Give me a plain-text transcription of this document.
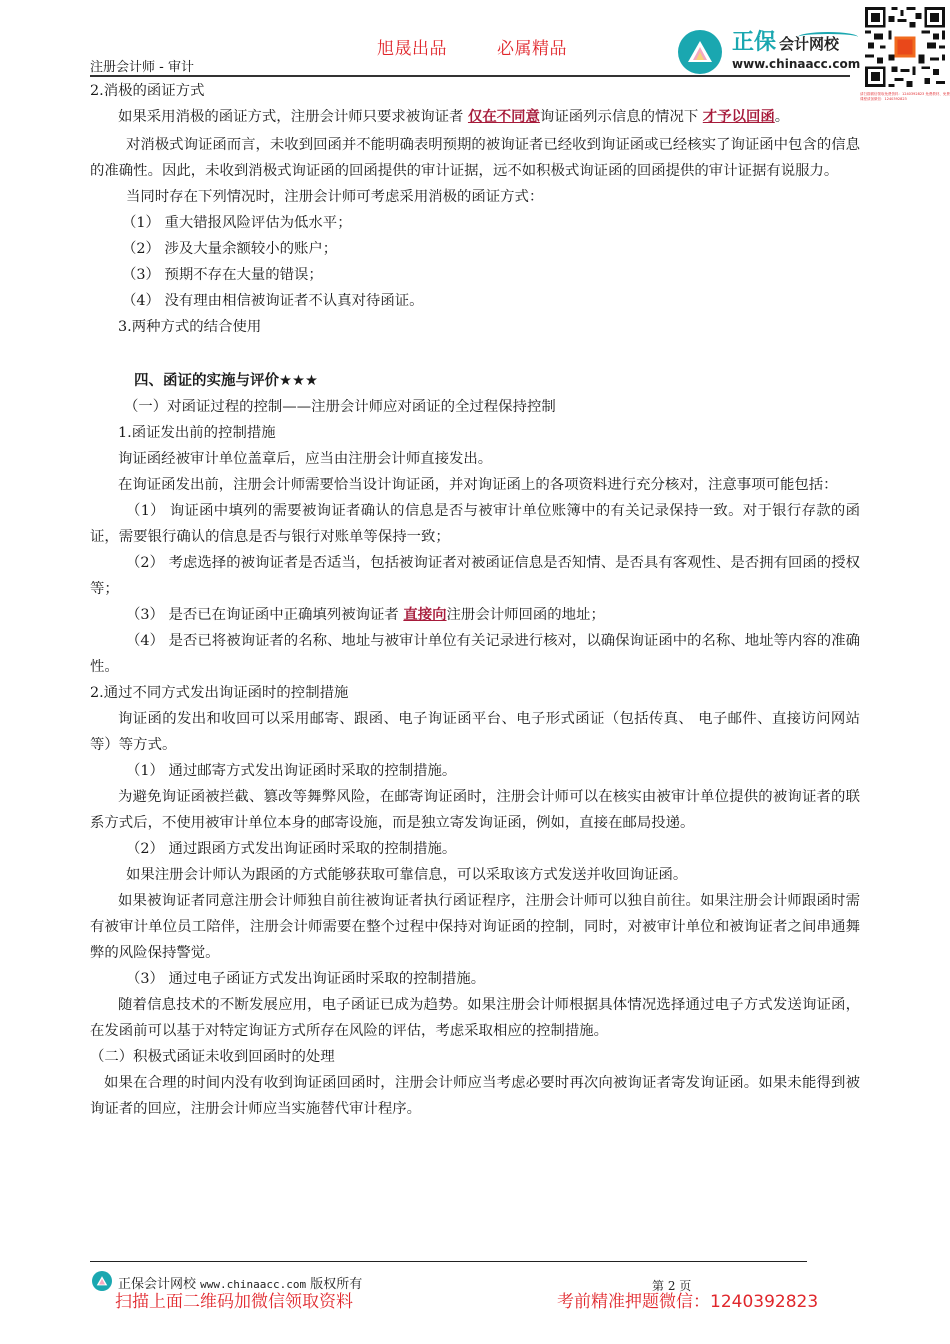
旭晟出品	必属精品
注册会计师 - 审计
正保 会计网校
www.chinaacc.com
请扫描微信领取免费资料：1240392823 免费教材、免费课程请加微信：1240392823

2.消极的函证方式

如果采用消极的函证方式，注册会计师只要求被询证者 仅在不同意询证函列示信息的情况下 才予以回函。

对消极式询证函而言，未收到回函并不能明确表明预期的被询证者已经收到询证函或已经核实了询证函中包含的信息的准确性。因此，未收到消极式询证函的回函提供的审计证据，远不如积极式询证函的回函提供的审计证据有说服力。

当同时存在下列情况时，注册会计师可考虑采用消极的函证方式：

（1） 重大错报风险评估为低水平；

（2） 涉及大量余额较小的账户；

（3） 预期不存在大量的错误；

（4） 没有理由相信被询证者不认真对待函证。

3.两种方式的结合使用

四、函证的实施与评价★★★

（一）对函证过程的控制——注册会计师应对函证的全过程保持控制

1.函证发出前的控制措施

询证函经被审计单位盖章后，应当由注册会计师直接发出。

在询证函发出前，注册会计师需要恰当设计询证函，并对询证函上的各项资料进行充分核对，注意事项可能包括：

（1） 询证函中填列的需要被询证者确认的信息是否与被审计单位账簿中的有关记录保持一致。对于银行存款的函证，需要银行确认的信息是否与银行对账单等保持一致；

（2） 考虑选择的被询证者是否适当，包括被询证者对被函证信息是否知情、是否具有客观性、是否拥有回函的授权等；

（3） 是否已在询证函中正确填列被询证者 直接向注册会计师回函的地址；

（4） 是否已将被询证者的名称、地址与被审计单位有关记录进行核对，以确保询证函中的名称、地址等内容的准确性。

2.通过不同方式发出询证函时的控制措施

询证函的发出和收回可以采用邮寄、跟函、电子询证函平台、电子形式函证（包括传真、 电子邮件、直接访问网站等）等方式。

（1） 通过邮寄方式发出询证函时采取的控制措施。

为避免询证函被拦截、篡改等舞弊风险，在邮寄询证函时，注册会计师可以在核实由被审计单位提供的被询证者的联系方式后，不使用被审计单位本身的邮寄设施，而是独立寄发询证函，例如，直接在邮局投递。

（2） 通过跟函方式发出询证函时采取的控制措施。

如果注册会计师认为跟函的方式能够获取可靠信息，可以采取该方式发送并收回询证函。

如果被询证者同意注册会计师独自前往被询证者执行函证程序，注册会计师可以独自前往。如果注册会计师跟函时需有被审计单位员工陪伴，注册会计师需要在整个过程中保持对询证函的控制，同时，对被审计单位和被询证者之间串通舞弊的风险保持警觉。

（3） 通过电子函证方式发出询证函时采取的控制措施。

随着信息技术的不断发展应用，电子函证已成为趋势。如果注册会计师根据具体情况选择通过电子方式发送询证函，在发函前可以基于对特定询证方式所存在风险的评估，考虑采取相应的控制措施。

（二）积极式函证未收到回函时的处理

如果在合理的时间内没有收到询证函回函时，注册会计师应当考虑必要时再次向被询证者寄发询证函。如果未能得到被询证者的回应，注册会计师应当实施替代审计程序。

正保会计网校 www.chinaacc.com 版权所有	第 2 页
扫描上面二维码加微信领取资料	考前精准押题微信：1240392823
